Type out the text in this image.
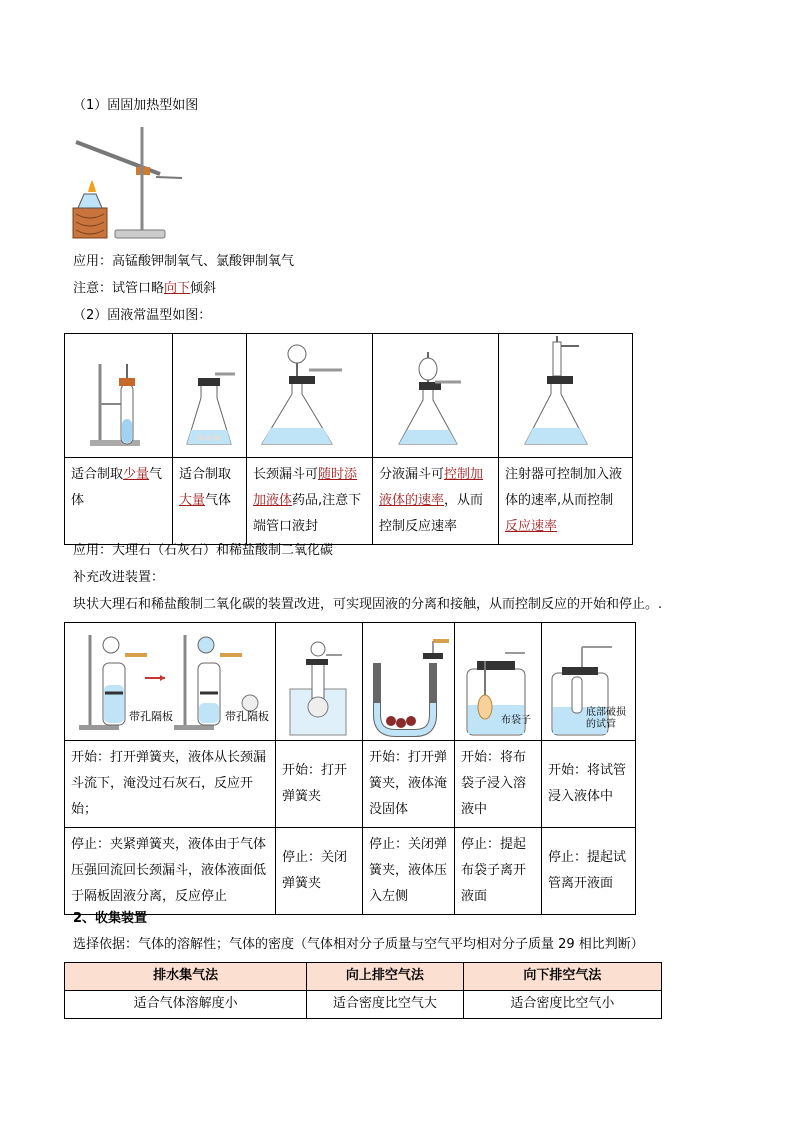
（1）固固加热型如图
应用：高锰酸钾制氧气、氯酸钾制氧气
注意：试管口略向下倾斜
（2）固液常温型如图：

适合制取少量气体	适合制取大量气体	长颈漏斗可随时添加液体药品,注意下端管口液封	分液漏斗可控制加液体的速率，从而控制反应速率	注射器可控制加入液体的速率,从而控制反应速率
应用：大理石（石灰石）和稀盐酸制二氧化碳
补充改进装置：
块状大理石和稀盐酸制二氧化碳的装置改进，可实现固液的分离和接触，从而控制反应的开始和停止。.
带孔隔板 带孔隔板			布袋子	底部破损的试管

开始：打开弹簧夹，液体从长颈漏斗流下，淹没过石灰石，反应开始；	开始：打开弹簧夹	开始：打开弹簧夹，液体淹没固体	开始：将布袋子浸入溶液中	开始：将试管浸入液体中
停止：夹紧弹簧夹，液体由于气体压强回流回长颈漏斗，液体液面低于隔板固液分离，反应停止	停止：关闭弹簧夹	停止：关闭弹簧夹，液体压入左侧	停止：提起布袋子离开液面	停止：提起试管离开液面
2、收集装置
选择依据：气体的溶解性；气体的密度（气体相对分子质量与空气平均相对分子质量 29 相比判断）
排水集气法	向上排空气法	向下排空气法
适合气体溶解度小	适合密度比空气大	适合密度比空气小
